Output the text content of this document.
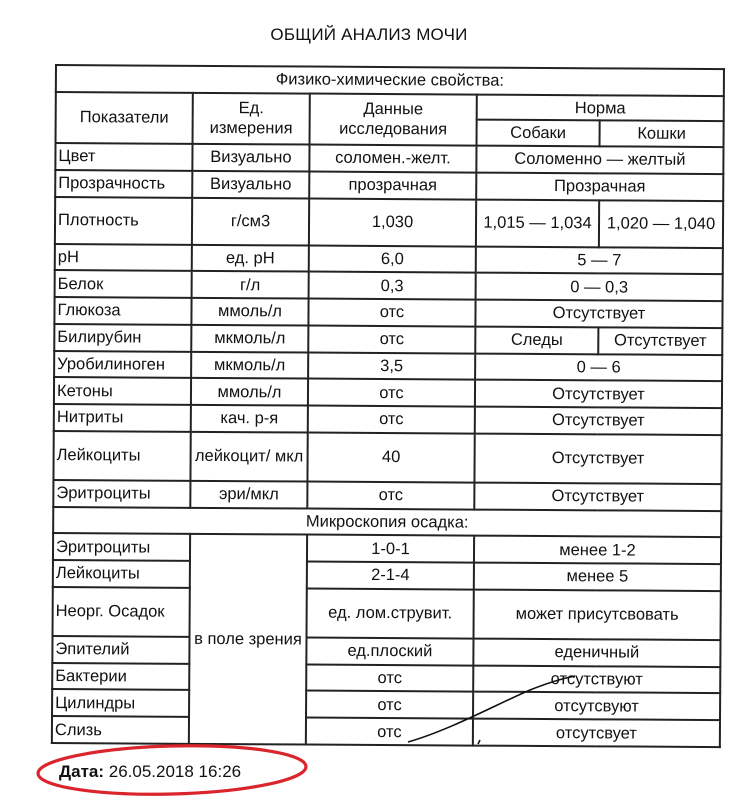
ОБЩИЙ АНАЛИЗ МОЧИ
Физико-химические свойства:				
Показатели	Ед. измерения	Данные исследования	Норма	
			Собаки	Кошки
Цвет	Визуально	соломен.-желт.	Соломенно — желтый	
Прозрачность	Визуально	прозрачная	Прозрачная	
Плотность	г/см3	1,030	1,015 — 1,034	1,020 — 1,040
pH	ед. pH	6,0	5 — 7	
Белок	г/л	0,3	0 — 0,3	
Глюкоза	ммоль/л	отс	Отсутствует	
Билирубин	мкмоль/л	отс	Следы	Отсутствует
Уробилиноген	мкмоль/л	3,5	0 — 6	
Кетоны	ммоль/л	отс	Отсутствует	
Нитриты	кач. р-я	отс	Отсутствует	
Лейкоциты	лейкоцит/ мкл	40	Отсутствует	
Эритроциты	эри/мкл	отс	Отсутствует	
Микроскопия осадка:				
Эритроциты	в поле зрения	1-0-1	менее 1-2	
Лейкоциты		2-1-4	менее 5	
Неорг. Осадок		ед. лом.струвит.	может присутсвовать	
Эпителий		ед.плоский	еденичный	
Бактерии		отс	отсутствуют	
Цилиндры		отс	отсутсвуют	
Слизь		отс	отсутсвует	
Дата: 26.05.2018 16:26
